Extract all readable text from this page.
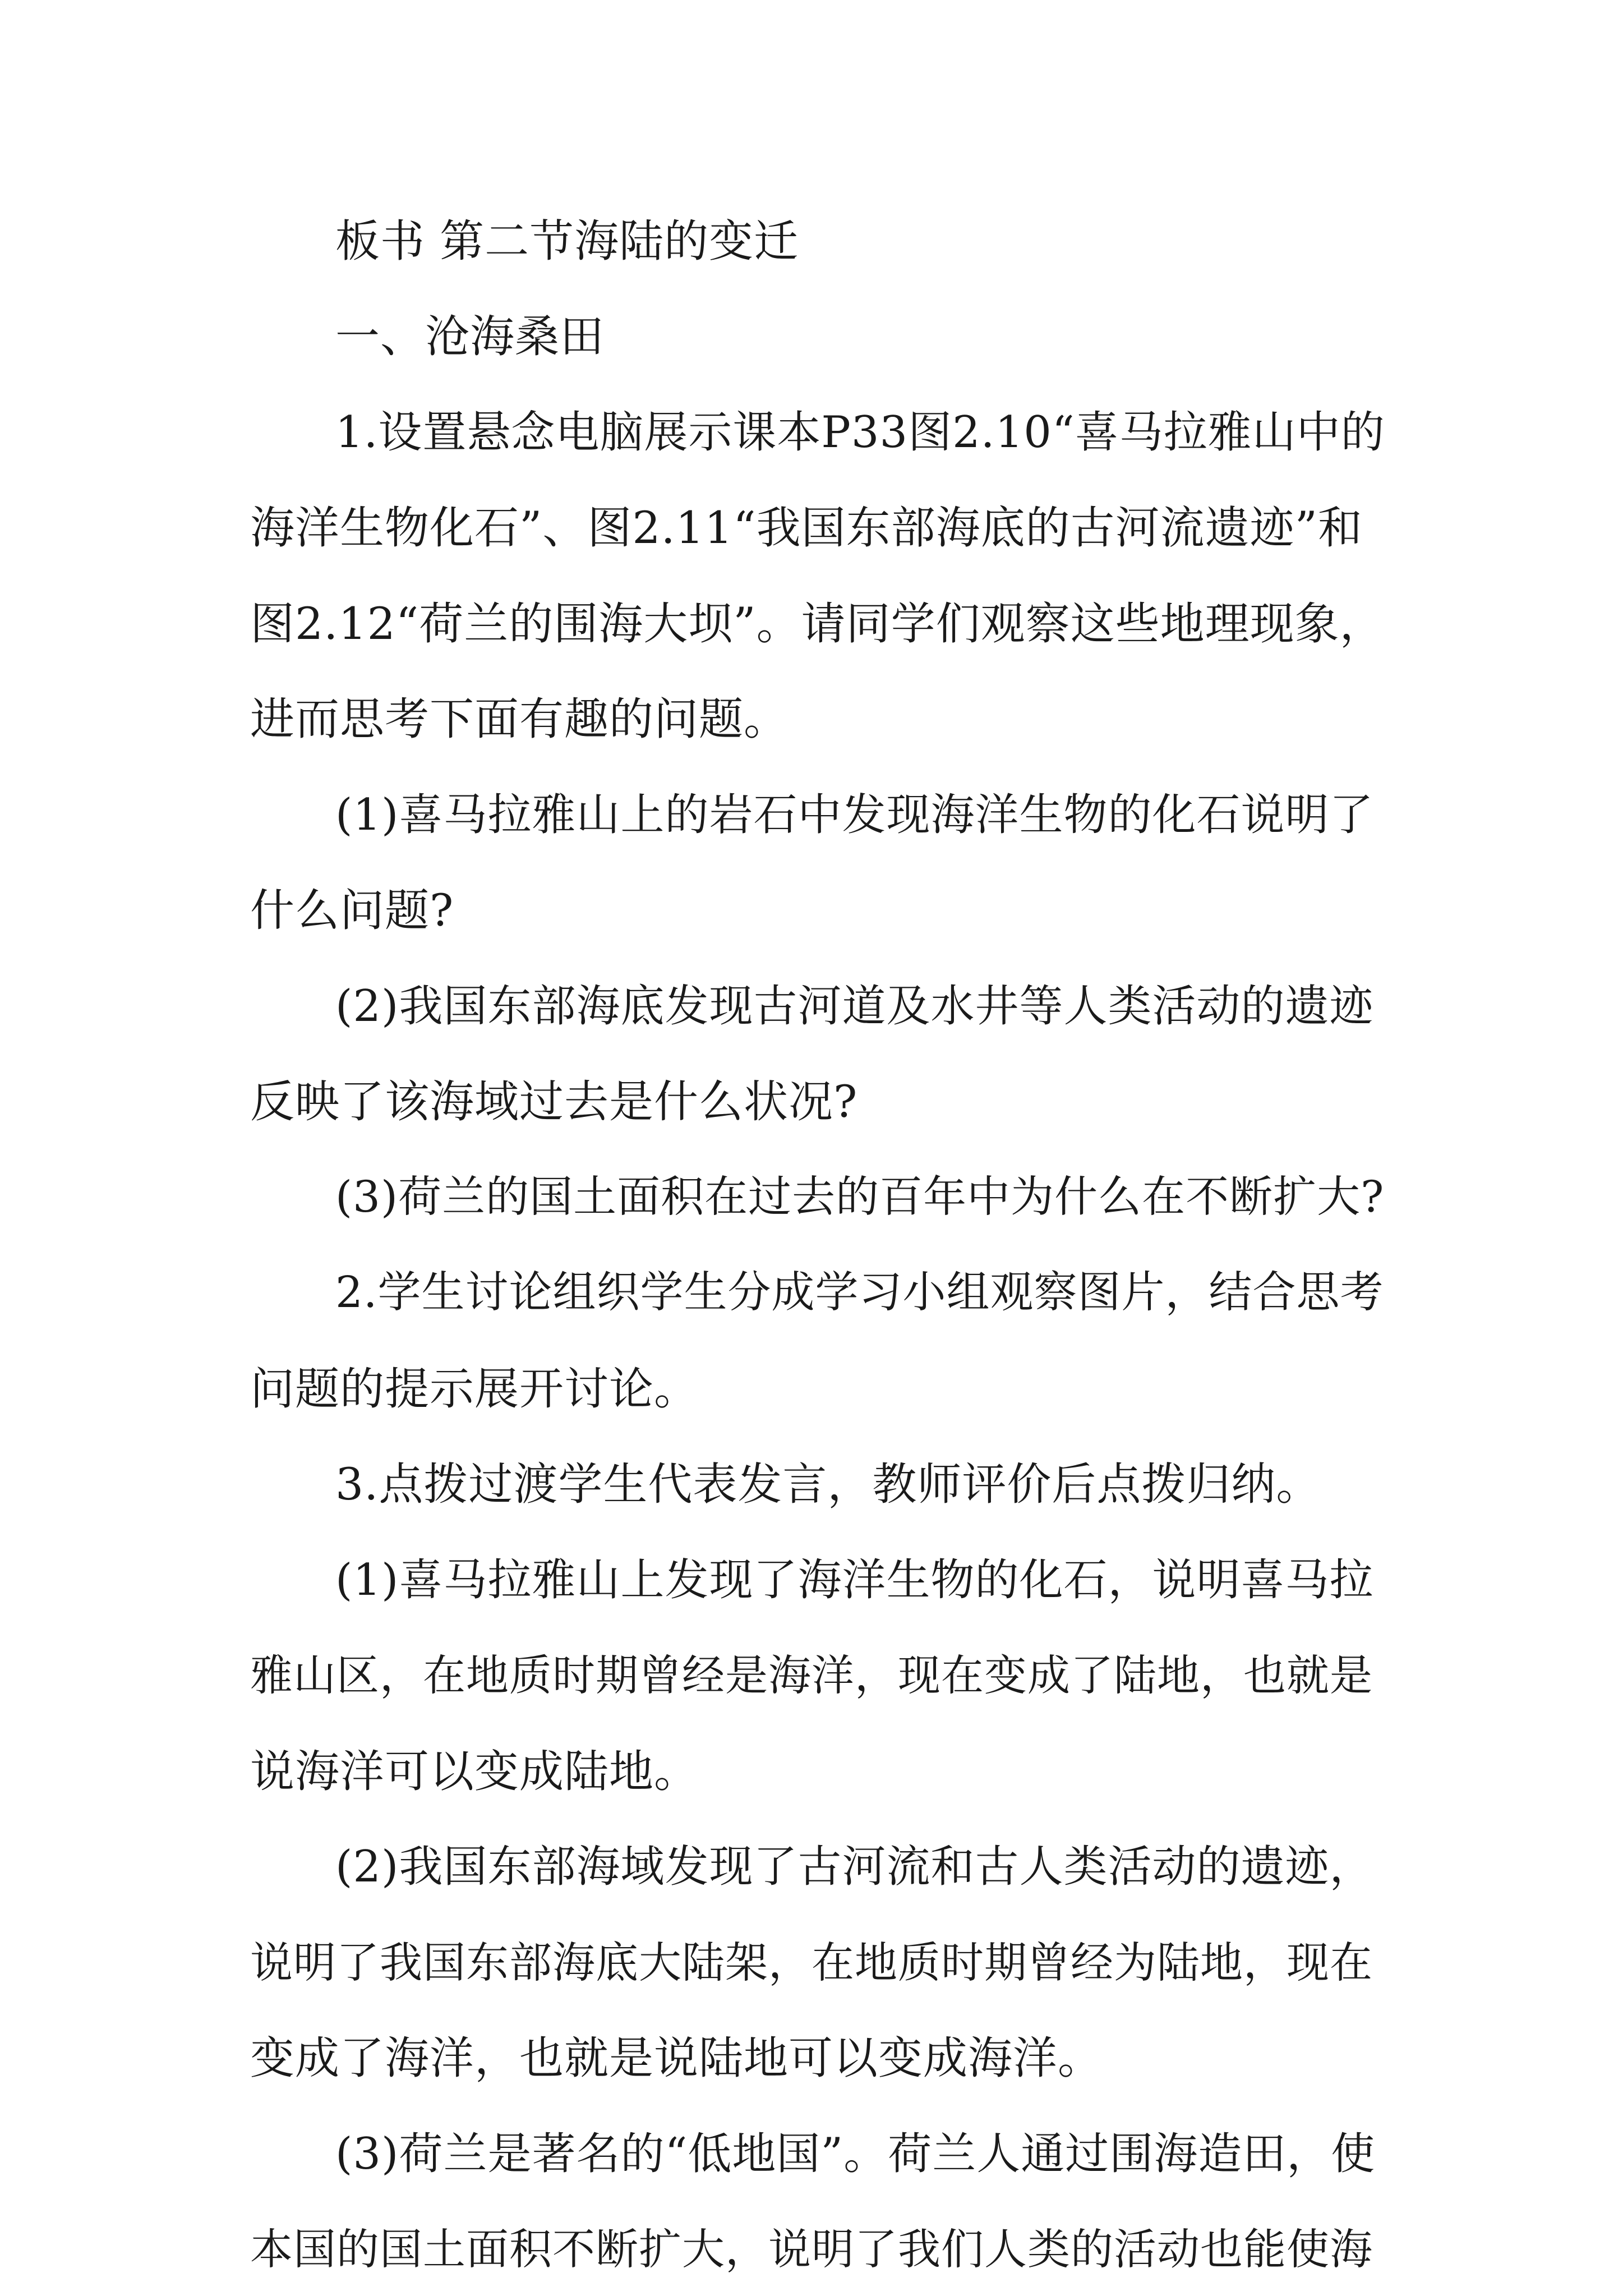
板书 第二节海陆的变迁
一、沧海桑田
1.设置悬念电脑展示课本P33图2.10“喜马拉雅山中的
海洋生物化石”、图2.11“我国东部海底的古河流遗迹”和
图2.12“荷兰的围海大坝”。请同学们观察这些地理现象，
进而思考下面有趣的问题。
(1)喜马拉雅山上的岩石中发现海洋生物的化石说明了
什么问题?
(2)我国东部海底发现古河道及水井等人类活动的遗迹
反映了该海域过去是什么状况?
(3)荷兰的国土面积在过去的百年中为什么在不断扩大?
2.学生讨论组织学生分成学习小组观察图片，结合思考
问题的提示展开讨论。
3.点拨过渡学生代表发言，教师评价后点拨归纳。
(1)喜马拉雅山上发现了海洋生物的化石，说明喜马拉
雅山区，在地质时期曾经是海洋，现在变成了陆地，也就是
说海洋可以变成陆地。
(2)我国东部海域发现了古河流和古人类活动的遗迹，
说明了我国东部海底大陆架，在地质时期曾经为陆地，现在
变成了海洋，也就是说陆地可以变成海洋。
(3)荷兰是著名的“低地国”。荷兰人通过围海造田，使
本国的国土面积不断扩大，说明了我们人类的活动也能使海
